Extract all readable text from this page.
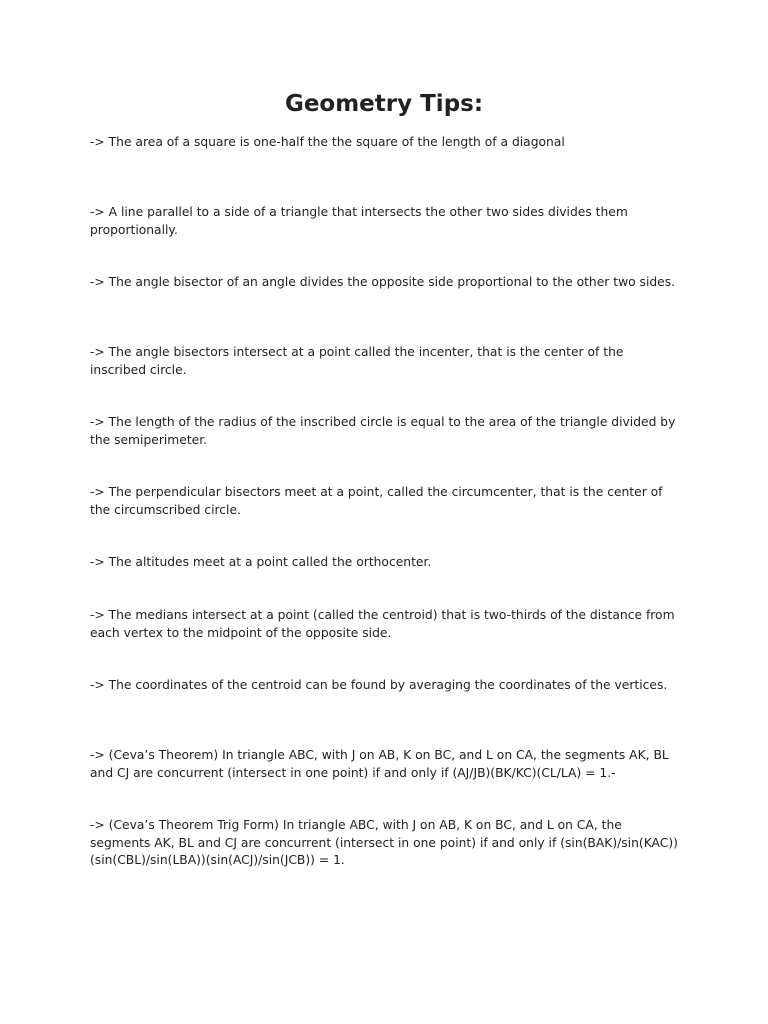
Geometry Tips:

-> The area of a square is one-half the the square of the length of a diagonal

-> A line parallel to a side of a triangle that intersects the other two sides divides them proportionally.

-> The angle bisector of an angle divides the opposite side proportional to the other two sides.

-> The angle bisectors intersect at a point called the incenter, that is the center of the inscribed circle.

-> The length of the radius of the inscribed circle is equal to the area of the triangle divided by the semiperimeter.

-> The perpendicular bisectors meet at a point, called the circumcenter, that is the center of the circumscribed circle.

-> The altitudes meet at a point called the orthocenter.

-> The medians intersect at a point (called the centroid) that is two-thirds of the distance from each vertex to the midpoint of the opposite side.

-> The coordinates of the centroid can be found by averaging the coordinates of the vertices.

-> (Ceva’s Theorem) In triangle ABC, with J on AB, K on BC, and L on CA, the segments AK, BL and CJ are concurrent (intersect in one point) if and only if (AJ/JB)(BK/KC)(CL/LA) = 1.-

-> (Ceva’s Theorem Trig Form) In triangle ABC, with J on AB, K on BC, and L on CA, the segments AK, BL and CJ are concurrent (intersect in one point) if and only if (sin(BAK)/sin(KAC))(sin(CBL)/sin(LBA))(sin(ACJ)/sin(JCB)) = 1.
